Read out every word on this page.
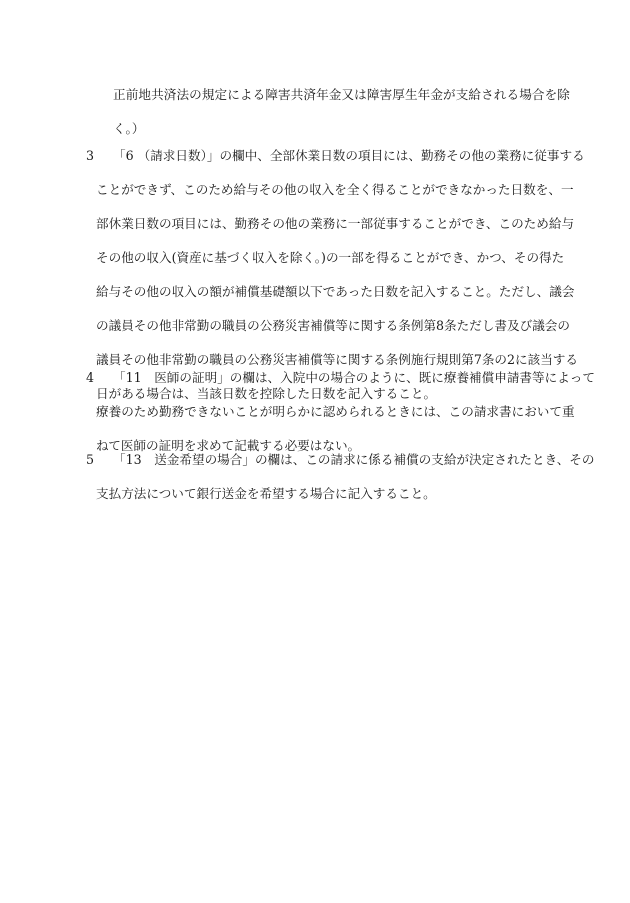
正前地共済法の規定による障害共済年金又は障害厚生年金が支給される場合を除
く。）
3	「6 （請求日数）」の欄中、全部休業日数の項目には、勤務その他の業務に従事する
ことができず、このため給与その他の収入を全く得ることができなかった日数を、一
部休業日数の項目には、勤務その他の業務に一部従事することができ、このため給与
その他の収入(資産に基づく収入を除く。)の一部を得ることができ、かつ、その得た
給与その他の収入の額が補償基礎額以下であった日数を記入すること。ただし、議会
の議員その他非常勤の職員の公務災害補償等に関する条例第8条ただし書及び議会の
議員その他非常勤の職員の公務災害補償等に関する条例施行規則第7条の2に該当する
日がある場合は、当該日数を控除した日数を記入すること。
4	「11　医師の証明」の欄は、入院中の場合のように、既に療養補償申請書等によって
療養のため勤務できないことが明らかに認められるときには、この請求書において重
ねて医師の証明を求めて記載する必要はない。
5	「13　送金希望の場合」の欄は、この請求に係る補償の支給が決定されたとき、その
支払方法について銀行送金を希望する場合に記入すること。
